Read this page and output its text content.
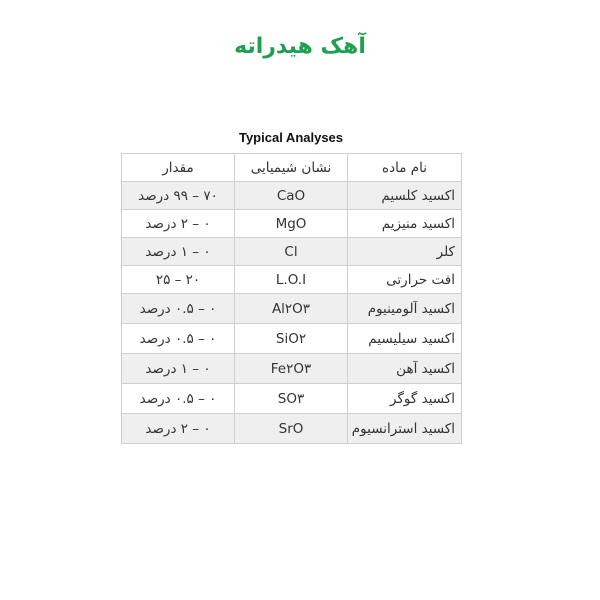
آهک هیدراته
Typical Analyses
نام ماده	نشان شیمیایی	مقدار
اکسید کلسیم	CaO	۷۰ – ۹۹ درصد
اکسید منیزیم	MgO	۰ – ۲ درصد
کلر	Cl	۰ – ۱ درصد
افت حرارتی	L.O.I	۲۰ – ۲۵
اکسید آلومینیوم	Al۲O۳	۰ – ۰.۵ درصد
اکسید سیلیسیم	SiO۲	۰ – ۰.۵ درصد
اکسید آهن	Fe۲O۳	۰ – ۱ درصد
اکسید گوگر	SO۳	۰ – ۰.۵ درصد
اکسید استرانسیوم	SrO	۰ – ۲ درصد
